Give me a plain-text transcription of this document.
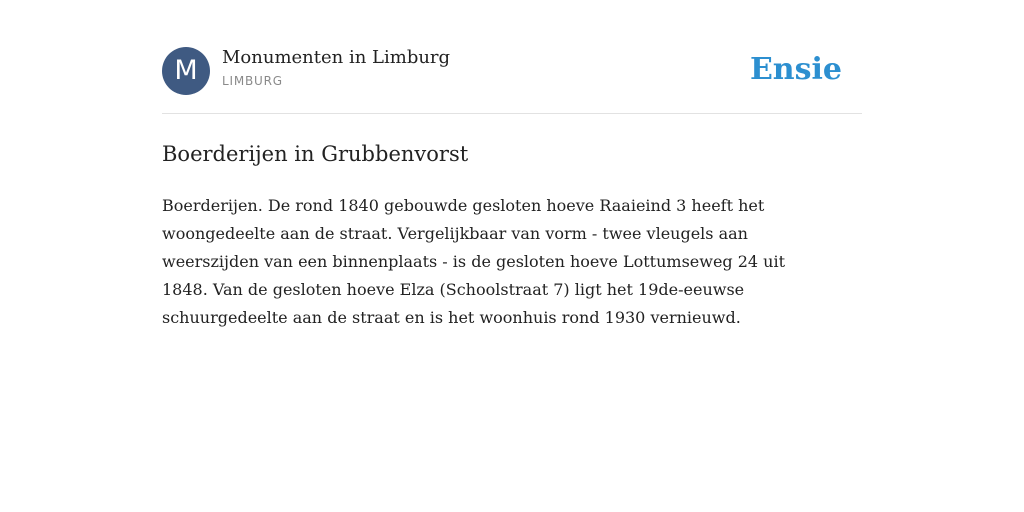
M	Monumenten in Limburg
LIMBURG	Ensie
Boerderijen in Grubbenvorst

Boerderijen. De rond 1840 gebouwde gesloten hoeve Raaieind 3 heeft het woongedeelte aan de straat. Vergelijkbaar van vorm - twee vleugels aan weerszijden van een binnenplaats - is de gesloten hoeve Lottumseweg 24 uit 1848. Van de gesloten hoeve Elza (Schoolstraat 7) ligt het 19de-eeuwse schuurgedeelte aan de straat en is het woonhuis rond 1930 vernieuwd.
